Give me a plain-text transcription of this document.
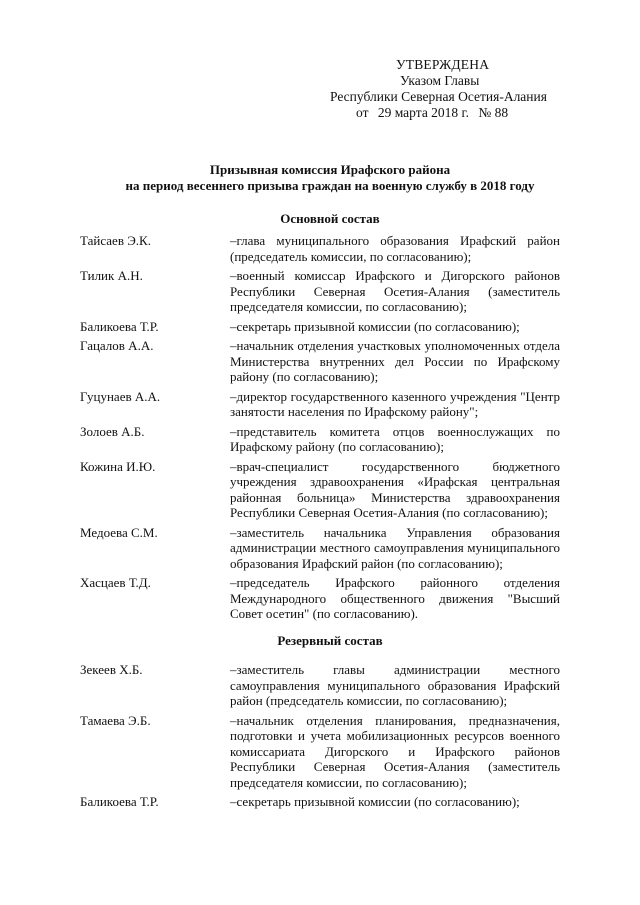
УТВЕРЖДЕНА
Указом Главы
Республики Северная Осетия-Алания
от 29 марта 2018 г. № 88
Призывная комиссия Ирафского района
на период весеннего призыва граждан на военную службу в 2018 году
Основной состав
Тайсаев Э.К.	–глава муниципального образования Ирафский район (председатель комиссии, по согласованию);
Тилик А.Н.	–военный комиссар Ирафского и Дигорского районов Республики Северная Осетия-Алания (заместитель председателя комиссии, по согласованию);
Баликоева Т.Р.	–секретарь призывной комиссии (по согласованию);
Гацалов А.А.	–начальник отделения участковых уполномоченных отдела Министерства внутренних дел России по Ирафскому району (по согласованию);
Гуцунаев А.А.	–директор государственного казенного учреждения "Центр занятости населения по Ирафскому району";
Золоев А.Б.	–представитель комитета отцов военнослужащих по Ирафскому району (по согласованию);
Кожина И.Ю.	–врач-специалист государственного бюджетного учреждения здравоохранения «Ирафская центральная районная больница» Министерства здравоохранения Республики Северная Осетия-Алания (по согласованию);
Медоева С.М.	–заместитель начальника Управления образования администрации местного самоуправления муниципального образования Ирафский район (по согласованию);
Хасцаев Т.Д.	–председатель Ирафского районного отделения Международного общественного движения "Высший Совет осетин" (по согласованию).
Резервный состав
Зекеев Х.Б.	–заместитель главы администрации местного самоуправления муниципального образования Ирафский район (председатель комиссии, по согласованию);
Тамаева Э.Б.	–начальник отделения планирования, предназначения, подготовки и учета мобилизационных ресурсов военного комиссариата Дигорского и Ирафского районов Республики Северная Осетия-Алания (заместитель председателя комиссии, по согласованию);
Баликоева Т.Р.	–секретарь призывной комиссии (по согласованию);
